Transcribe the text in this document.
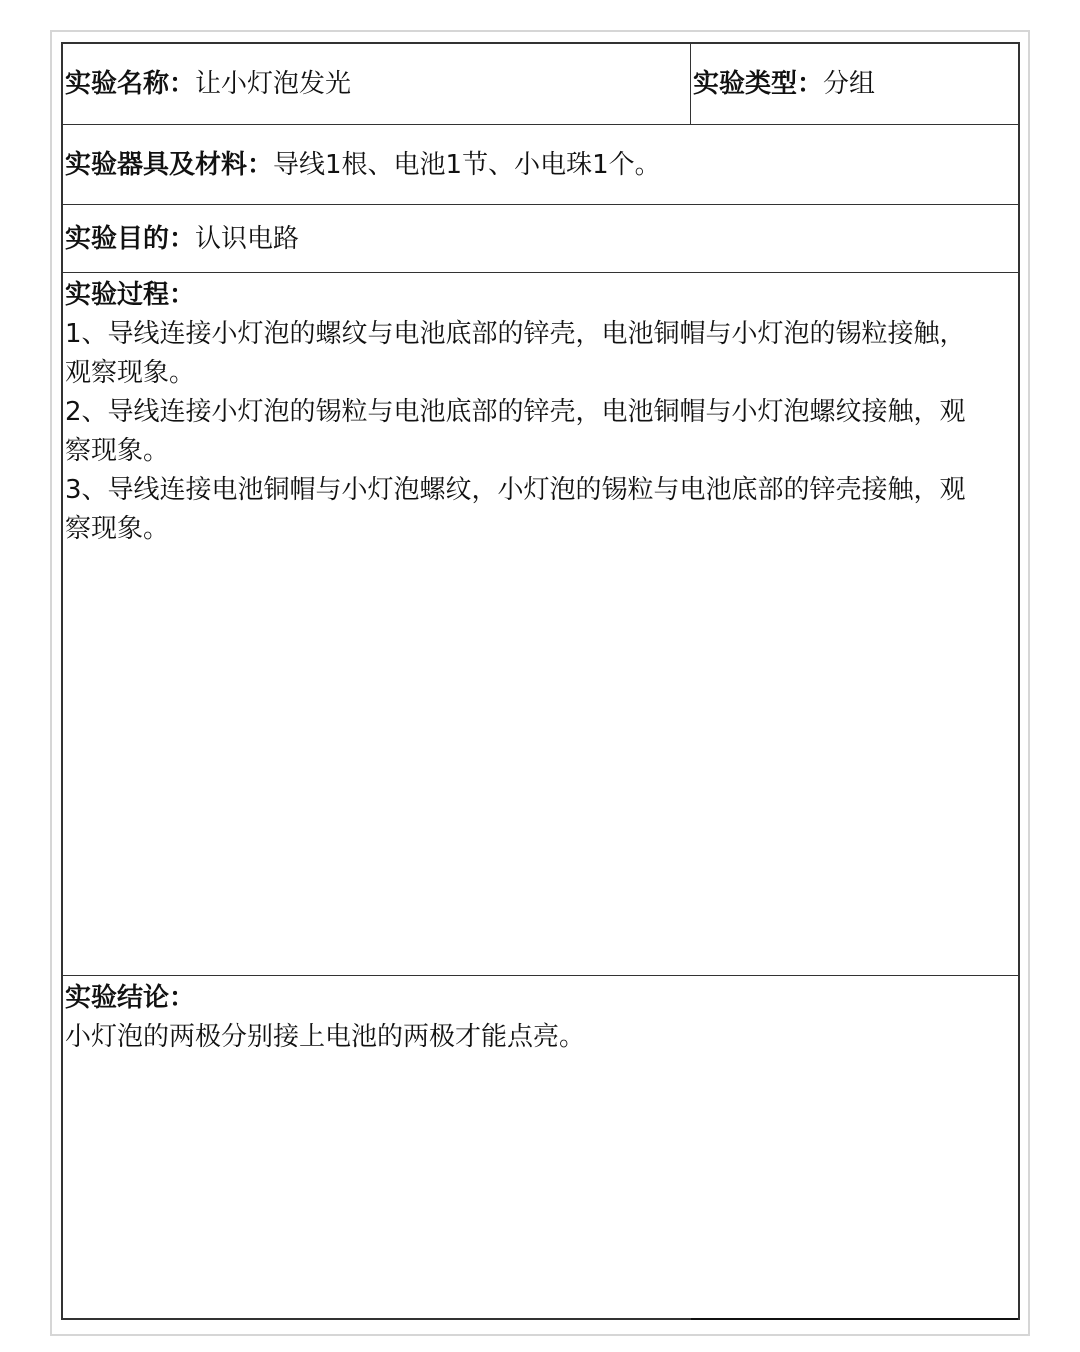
实验名称：让小灯泡发光	实验类型：分组
实验器具及材料：导线1根、电池1节、小电珠1个。
实验目的：认识电路

实验过程：

1、导线连接小灯泡的螺纹与电池底部的锌壳，电池铜帽与小灯泡的锡粒接触，

观察现象。

2、导线连接小灯泡的锡粒与电池底部的锌壳，电池铜帽与小灯泡螺纹接触，观

察现象。

3、导线连接电池铜帽与小灯泡螺纹，小灯泡的锡粒与电池底部的锌壳接触，观

察现象。

实验结论：

小灯泡的两极分别接上电池的两极才能点亮。
